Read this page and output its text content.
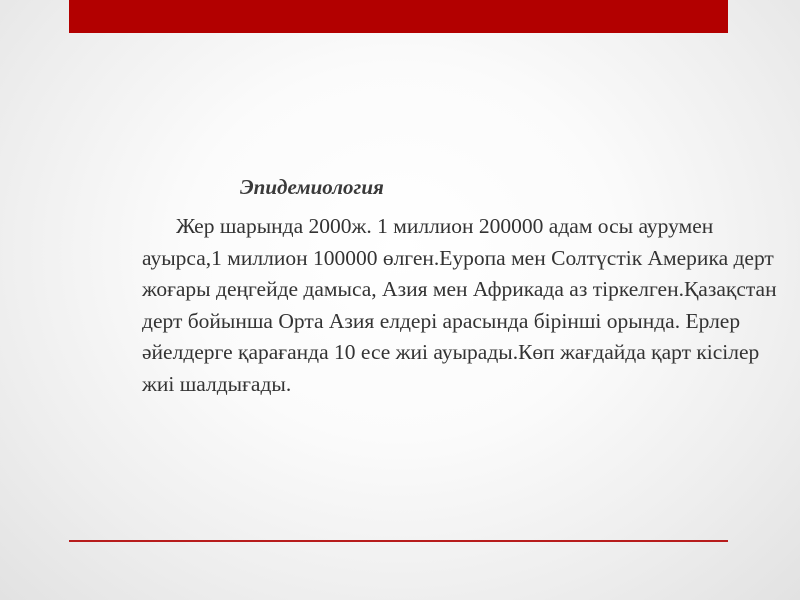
Эпидемиология

Жер шарында 2000ж. 1 миллион 200000 адам осы аурумен ауырса,1 миллион 100000 өлген.Еуропа мен Солтүстік Америка дерт жоғары деңгейде дамыса, Азия мен Африкада аз тіркелген.Қазақстан дерт бойынша Орта Азия елдері арасында бірінші орында. Ерлер әйелдерге қарағанда 10 есе жиі ауырады.Көп жағдайда қарт кісілер жиі шалдығады.
